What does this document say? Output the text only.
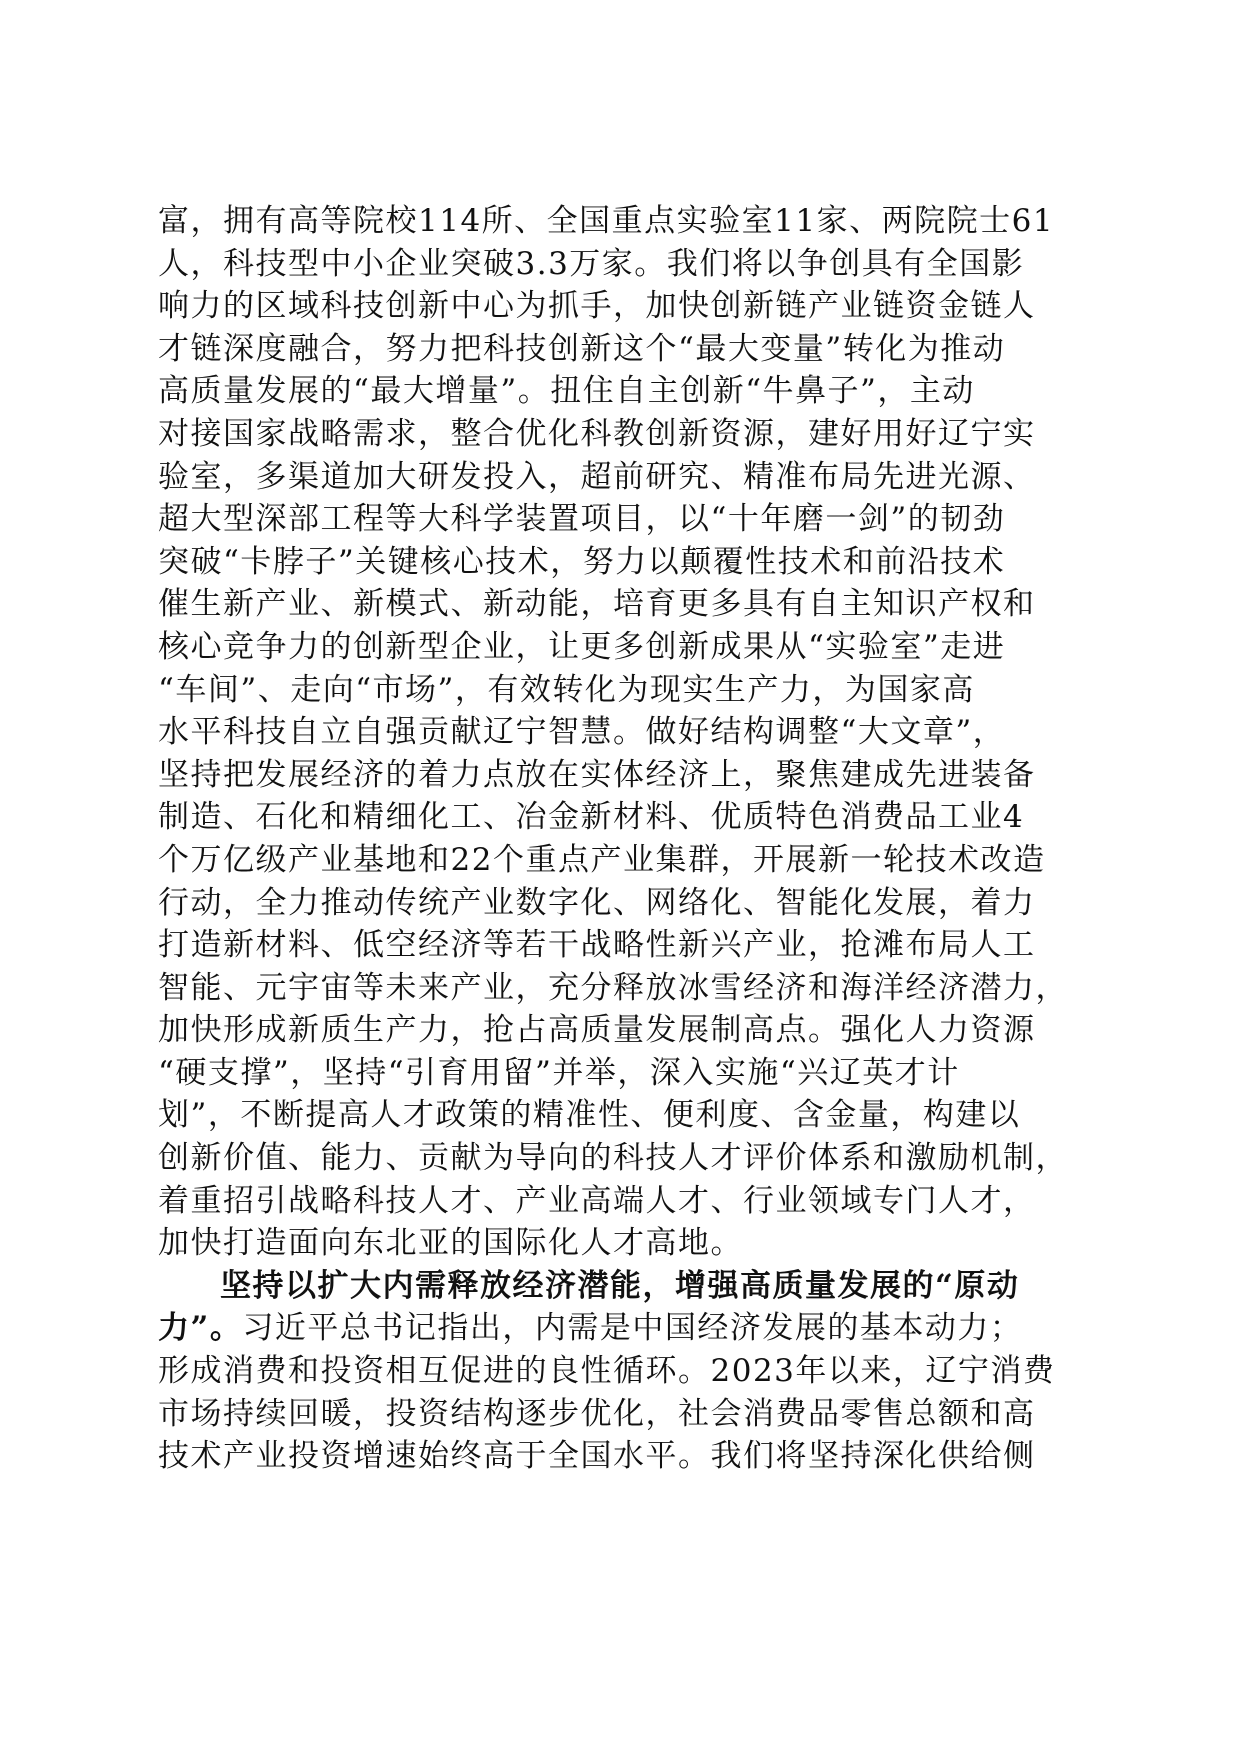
富，拥有高等院校114所、全国重点实验室11家、两院院士61
人，科技型中小企业突破3.3万家。我们将以争创具有全国影
响力的区域科技创新中心为抓手，加快创新链产业链资金链人
才链深度融合，努力把科技创新这个“最大变量”转化为推动
高质量发展的“最大增量”。扭住自主创新“牛鼻子”，主动
对接国家战略需求，整合优化科教创新资源，建好用好辽宁实
验室，多渠道加大研发投入，超前研究、精准布局先进光源、
超大型深部工程等大科学装置项目，以“十年磨一剑”的韧劲
突破“卡脖子”关键核心技术，努力以颠覆性技术和前沿技术
催生新产业、新模式、新动能，培育更多具有自主知识产权和
核心竞争力的创新型企业，让更多创新成果从“实验室”走进
“车间”、走向“市场”，有效转化为现实生产力，为国家高
水平科技自立自强贡献辽宁智慧。做好结构调整“大文章”，
坚持把发展经济的着力点放在实体经济上，聚焦建成先进装备
制造、石化和精细化工、冶金新材料、优质特色消费品工业4
个万亿级产业基地和22个重点产业集群，开展新一轮技术改造
行动，全力推动传统产业数字化、网络化、智能化发展，着力
打造新材料、低空经济等若干战略性新兴产业，抢滩布局人工
智能、元宇宙等未来产业，充分释放冰雪经济和海洋经济潜力，
加快形成新质生产力，抢占高质量发展制高点。强化人力资源
“硬支撑”，坚持“引育用留”并举，深入实施“兴辽英才计
划”，不断提高人才政策的精准性、便利度、含金量，构建以
创新价值、能力、贡献为导向的科技人才评价体系和激励机制，
着重招引战略科技人才、产业高端人才、行业领域专门人才，
加快打造面向东北亚的国际化人才高地。
坚持以扩大内需释放经济潜能，增强高质量发展的“原动
力”。习近平总书记指出，内需是中国经济发展的基本动力；
形成消费和投资相互促进的良性循环。2023年以来，辽宁消费
市场持续回暖，投资结构逐步优化，社会消费品零售总额和高
技术产业投资增速始终高于全国水平。我们将坚持深化供给侧
